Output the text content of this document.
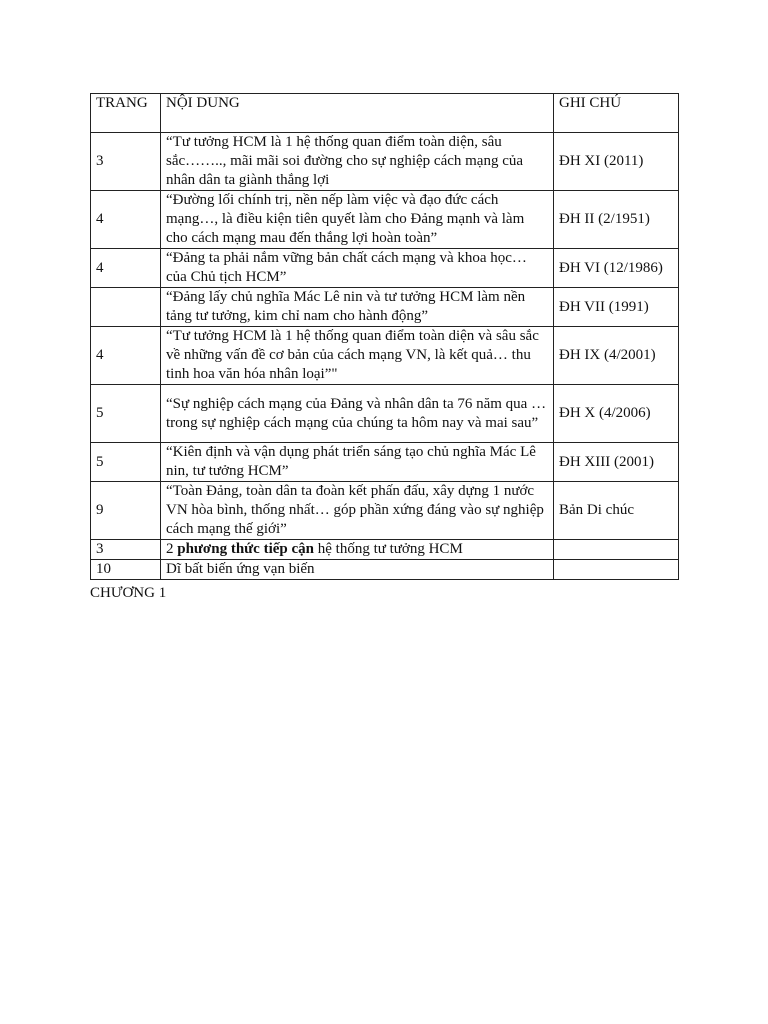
TRANG	NỘI DUNG	GHI CHÚ
3	“Tư tưởng HCM là 1 hệ thống quan điểm toàn diện, sâu sắc…….., mãi mãi soi đường cho sự nghiệp cách mạng của nhân dân ta giành thắng lợi	ĐH XI (2011)
4	“Đường lối chính trị, nền nếp làm việc và đạo đức cách mạng…, là điều kiện tiên quyết làm cho Đảng mạnh và làm cho cách mạng mau đến thắng lợi hoàn toàn”	ĐH II (2/1951)
4	“Đảng ta phải nắm vững bản chất cách mạng và khoa học… của Chủ tịch HCM”	ĐH VI (12/1986)
	“Đảng lấy chủ nghĩa Mác Lê nin và tư tưởng HCM làm nền tảng tư tưởng, kim chỉ nam cho hành động”	ĐH VII (1991)
4	“Tư tưởng HCM là 1 hệ thống quan điểm toàn diện và sâu sắc về những vấn đề cơ bản của cách mạng VN, là kết quả… thu tinh hoa văn hóa nhân loại”"	ĐH IX (4/2001)
5	“Sự nghiệp cách mạng của Đảng và nhân dân ta 76 năm qua … trong sự nghiệp cách mạng của chúng ta hôm nay và mai sau”	ĐH X (4/2006)
5	“Kiên định và vận dụng phát triển sáng tạo chủ nghĩa Mác Lê nin, tư tưởng HCM”	ĐH XIII (2001)
9	“Toàn Đảng, toàn dân ta đoàn kết phấn đấu, xây dựng 1 nước VN hòa bình, thống nhất… góp phần xứng đáng vào sự nghiệp cách mạng thế giới”	Bản Di chúc
3	2 phương thức tiếp cận hệ thống tư tưởng HCM	
10	Dĩ bất biến ứng vạn biến	
CHƯƠNG 1
